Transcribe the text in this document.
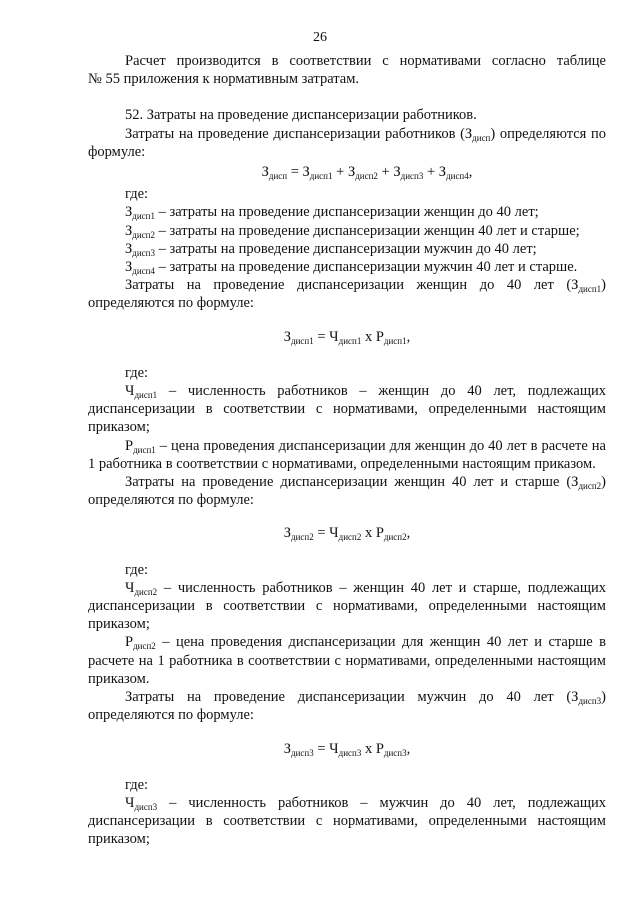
26

Расчет производится в соответствии с нормативами согласно таблице

№ 55 приложения к нормативным затратам.

52. Затраты на проведение диспансеризации работников.

Затраты на проведение диспансеризации работников $(З_{дисп})$ определяются по формуле:

$З_{дисп} = З_{дисп1} + З_{дисп2} + З_{дисп3} + З_{дисп4}$,

где:

$З_{дисп1}$ – затраты на проведение диспансеризации женщин до 40 лет;

$З_{дисп2}$ – затраты на проведение диспансеризации женщин 40 лет и старше;

$З_{дисп3}$ – затраты на проведение диспансеризации мужчин до 40 лет;

$З_{дисп4}$ – затраты на проведение диспансеризации мужчин 40 лет и старше.

Затраты на проведение диспансеризации женщин до 40 лет $(З_{дисп1})$ определяются по формуле:

$З_{дисп1} = Ч_{дисп1}$ x $Р_{дисп1}$,

где:

$Ч_{дисп1}$ – численность работников – женщин до 40 лет, подлежащих диспансеризации в соответствии с нормативами, определенными настоящим приказом;

$Р_{дисп1}$ – цена проведения диспансеризации для женщин до 40 лет в расчете на 1 работника в соответствии с нормативами, определенными настоящим приказом.

Затраты на проведение диспансеризации женщин 40 лет и старше $(З_{дисп2})$ определяются по формуле:

$З_{дисп2} = Ч_{дисп2}$ x $Р_{дисп2}$,

где:

$Ч_{дисп2}$ – численность работников – женщин 40 лет и старше, подлежащих диспансеризации в соответствии с нормативами, определенными настоящим приказом;

$Р_{дисп2}$ – цена проведения диспансеризации для женщин 40 лет и старше в расчете на 1 работника в соответствии с нормативами, определенными настоящим приказом.

Затраты на проведение диспансеризации мужчин до 40 лет $(З_{дисп3})$ определяются по формуле:

$З_{дисп3} = Ч_{дисп3}$ x $Р_{дисп3}$,

где:

$Ч_{дисп3}$ – численность работников – мужчин до 40 лет, подлежащих диспансеризации в соответствии с нормативами, определенными настоящим приказом;
